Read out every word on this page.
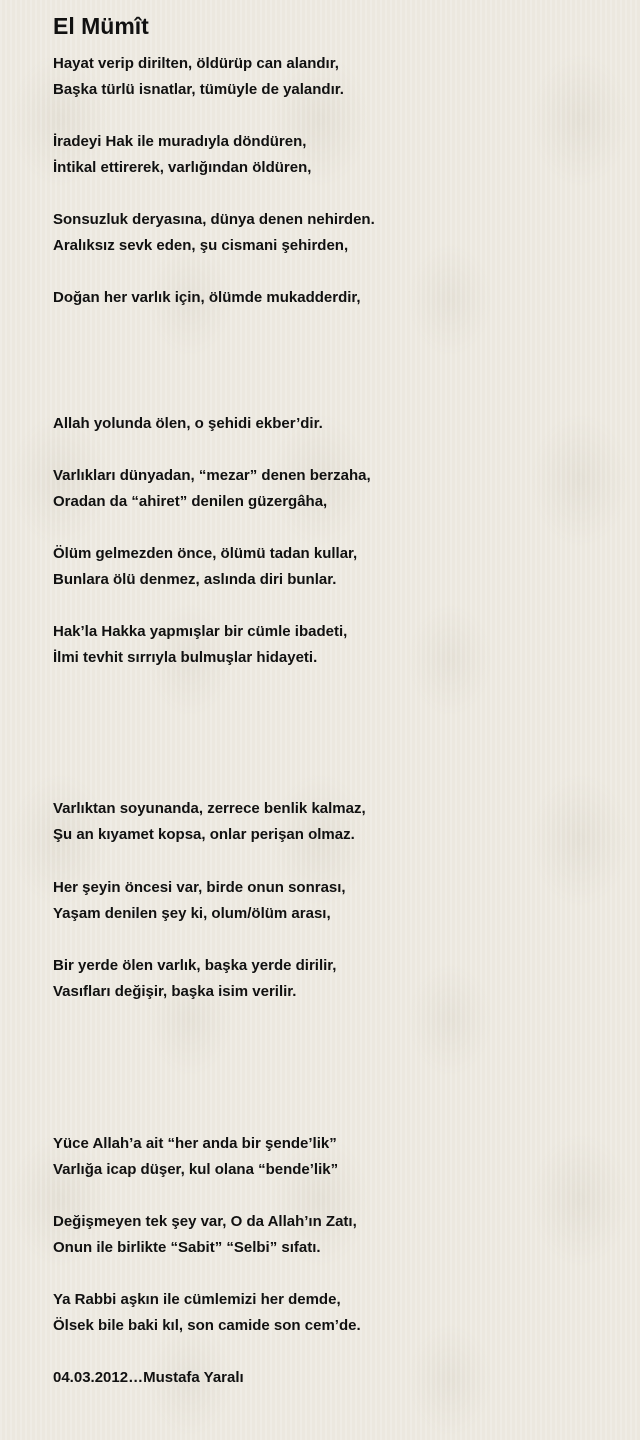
El Mümît
Hayat verip dirilten, öldürüp can alandır,
Başka türlü isnatlar, tümüyle de yalandır.
İradeyi Hak ile muradıyla döndüren,
İntikal ettirerek, varlığından öldüren,
Sonsuzluk deryasına, dünya denen nehirden.
Aralıksız sevk eden, şu cismani şehirden,
Doğan her varlık için, ölümde mukadderdir,
Allah yolunda ölen, o şehidi ekber’dir.
Varlıkları dünyadan, “mezar” denen berzaha,
Oradan da “ahiret” denilen güzergâha,
Ölüm gelmezden önce, ölümü tadan kullar,
Bunlara ölü denmez, aslında diri bunlar.
Hak’la Hakka yapmışlar bir cümle ibadeti,
İlmi tevhit sırrıyla bulmuşlar hidayeti.
Varlıktan soyunanda, zerrece benlik kalmaz,
Şu an kıyamet kopsa, onlar perişan olmaz.
Her şeyin öncesi var, birde onun sonrası,
Yaşam denilen şey ki, olum/ölüm arası,
Bir yerde ölen varlık, başka yerde dirilir,
Vasıfları değişir, başka isim verilir.
Yüce Allah’a ait “her anda bir şende’lik”
Varlığa icap düşer, kul olana “bende’lik”
Değişmeyen tek şey var, O da Allah’ın Zatı,
Onun ile birlikte “Sabit” “Selbi” sıfatı.
Ya Rabbi aşkın ile cümlemizi her demde,
Ölsek bile baki kıl, son camide son cem’de.
04.03.2012…Mustafa Yaralı
